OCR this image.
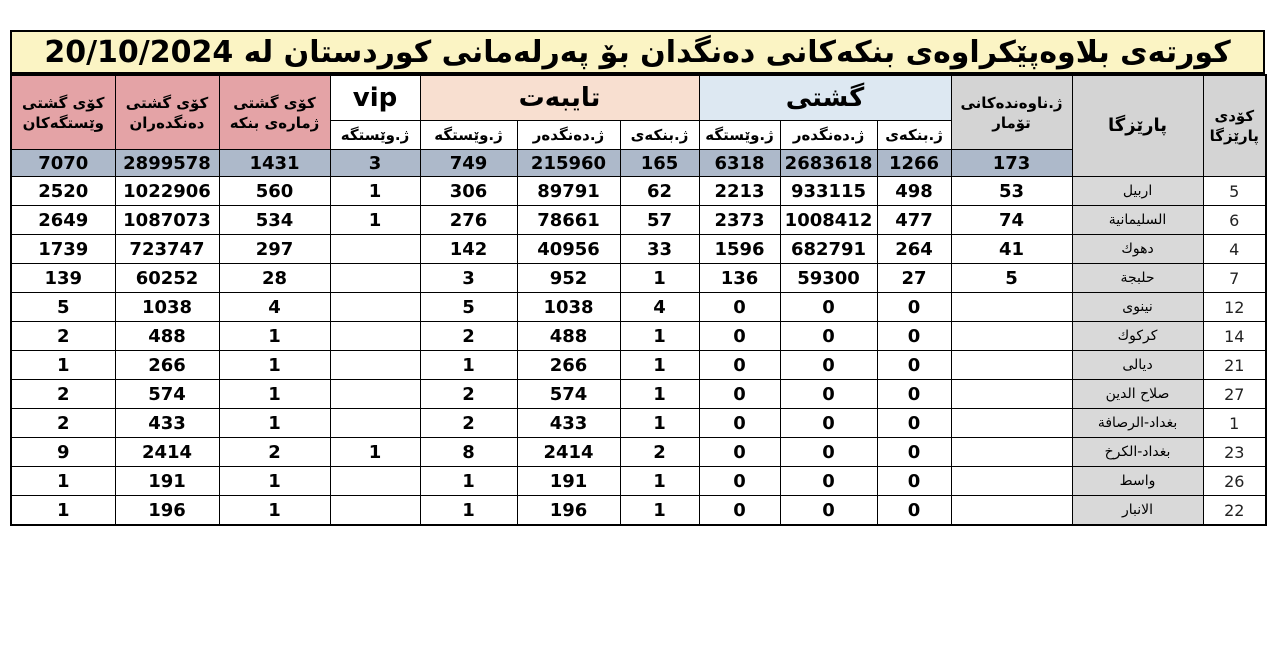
کورتەی بلاوەپێکراوەی بنکەکانی دەنگدان بۆ پەرلەمانی کوردستان لە 20/10/2024
کۆی گشتی وێستگەکان	کۆی گشتی دەنگدەران	کۆی گشتی ژمارەی بنکە	vip	تایبەت			گشتی			ژ.ناوەندەکانی تۆمار	پارێزگا	کۆدی پارێزگا
			ژ.وێستگە	ژ.وێستگە	ژ.دەنگدەر	ژ.بنکەی	ژ.وێستگە	ژ.دەنگدەر	ژ.بنکەی			
7070	2899578	1431	3	749	215960	165	6318	2683618	1266	173		
2520	1022906	560	1	306	89791	62	2213	933115	498	53	اربيل	5
2649	1087073	534	1	276	78661	57	2373	1008412	477	74	السليمانية	6
1739	723747	297		142	40956	33	1596	682791	264	41	دهوك	4
139	60252	28		3	952	1	136	59300	27	5	حلبجة	7
5	1038	4		5	1038	4	0	0	0		نينوى	12
2	488	1		2	488	1	0	0	0		كركوك	14
1	266	1		1	266	1	0	0	0		ديالى	21
2	574	1		2	574	1	0	0	0		صلاح الدين	27
2	433	1		2	433	1	0	0	0		بغداد-الرصافة	1
9	2414	2	1	8	2414	2	0	0	0		بغداد-الكرخ	23
1	191	1		1	191	1	0	0	0		واسط	26
1	196	1		1	196	1	0	0	0		الانبار	22
